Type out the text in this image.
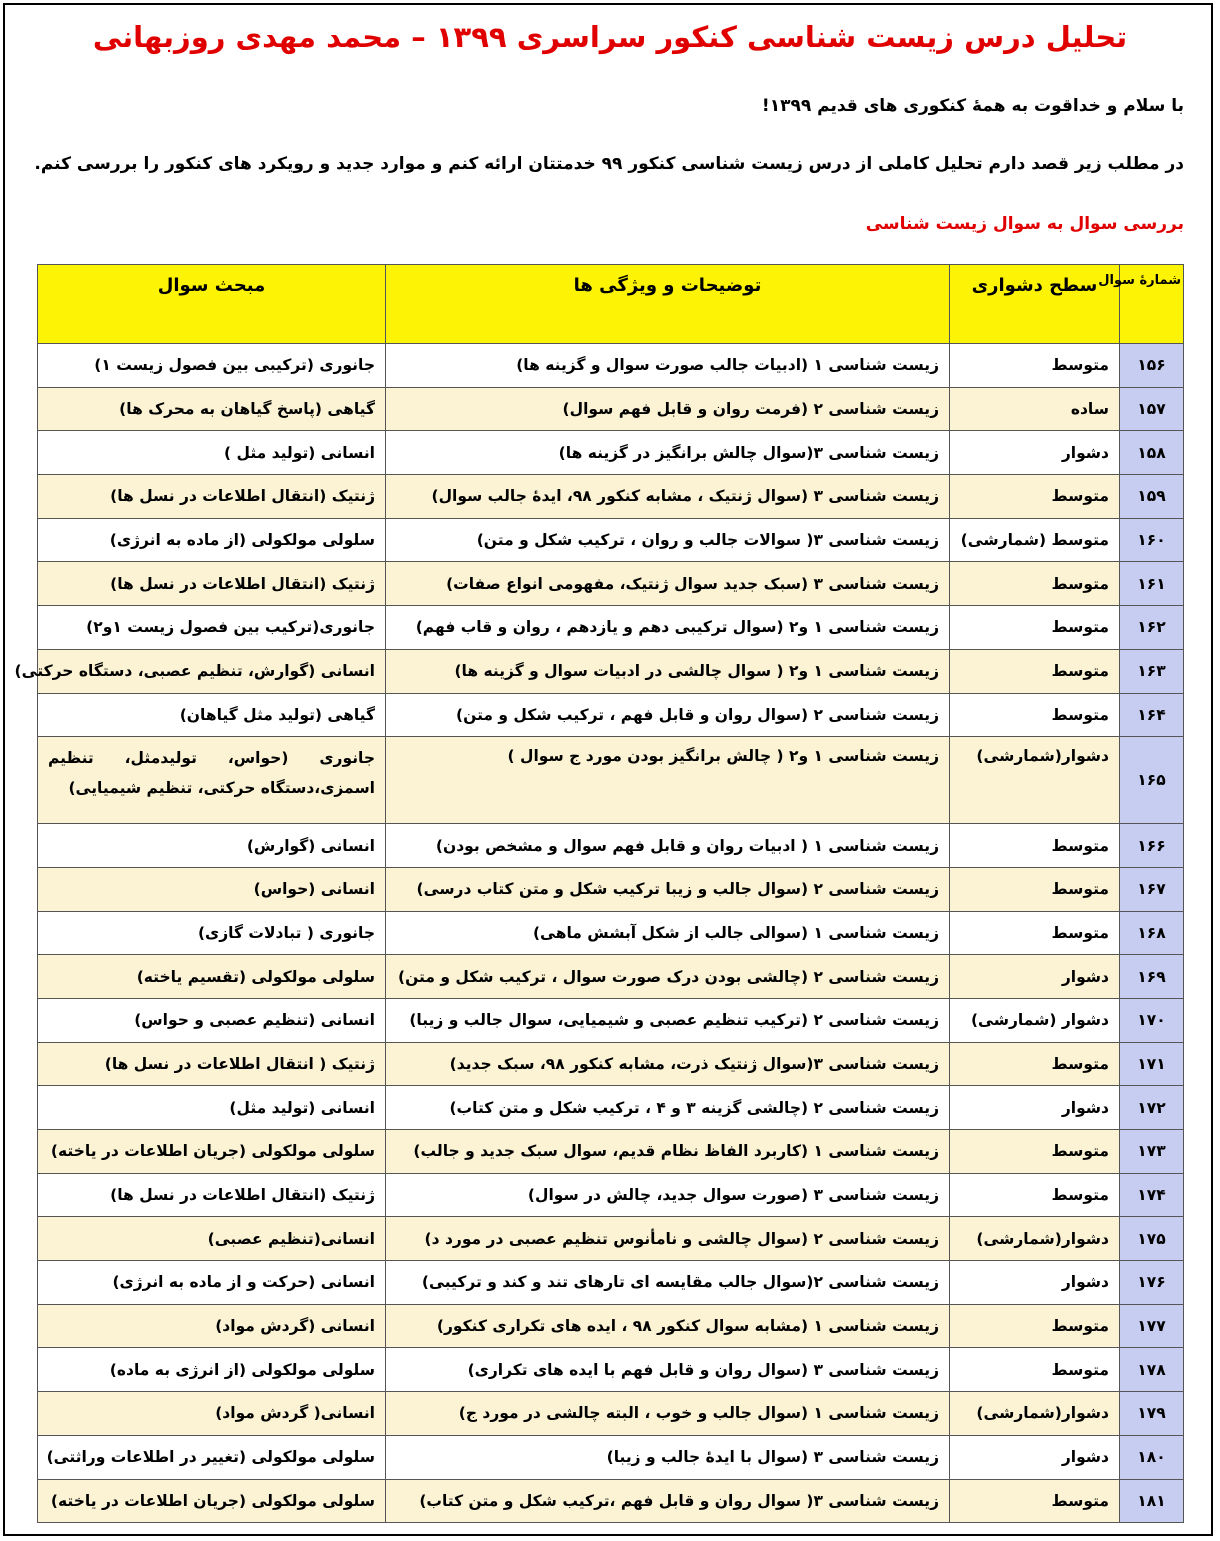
تحلیل درس زیست شناسی کنکور سراسری ۱۳۹۹ – محمد مهدی روزبهانی
با سلام و خداقوت به همهٔ کنکوری های قدیم ۱۳۹۹!
در مطلب زیر قصد دارم تحلیل کاملی از درس زیست شناسی کنکور ۹۹ خدمتتان ارائه کنم و موارد جدید و رویکرد های کنکور را بررسی کنم.
بررسی سوال به سوال زیست شناسی
شمارهٔ سوال	سطح دشواری	توضیحات و ویژگی ها	مبحث سوال
۱۵۶	متوسط	زیست شناسی ۱ (ادبیات جالب صورت سوال و گزینه ها)	جانوری (ترکیبی بین فصول زیست ۱)
۱۵۷	ساده	زیست شناسی ۲ (فرمت روان و قابل فهم سوال)	گیاهی (پاسخ گیاهان به محرک ها)
۱۵۸	دشوار	زیست شناسی ۳(سوال چالش برانگیز در گزینه ها)	انسانی (تولید مثل )
۱۵۹	متوسط	زیست شناسی ۳ (سوال ژنتیک ، مشابه کنکور ۹۸، ایدهٔ جالب سوال)	ژنتیک (انتقال اطلاعات در نسل ها)
۱۶۰	متوسط (شمارشی)	زیست شناسی ۳( سوالات جالب و روان ، ترکیب شکل و متن)	سلولی مولکولی (از ماده به انرژی)
۱۶۱	متوسط	زیست شناسی ۳ (سبک جدید سوال ژنتیک، مفهومی انواع صفات)	ژنتیک (انتقال اطلاعات در نسل ها)
۱۶۲	متوسط	زیست شناسی ۱ و۲ (سوال ترکیبی دهم و یازدهم ، روان و قاب فهم)	جانوری(ترکیب بین فصول زیست ۱و۲)
۱۶۳	متوسط	زیست شناسی ۱ و۲ ( سوال چالشی در ادبیات سوال و گزینه ها)	انسانی (گوارش، تنظیم عصبی، دستگاه حرکتی)
۱۶۴	متوسط	زیست شناسی ۲ (سوال روان و قابل فهم ، ترکیب شکل و متن)	گیاهی (تولید مثل گیاهان)
۱۶۵	دشوار(شمارشی)	زیست شناسی ۱ و۲ ( چالش برانگیز بودن مورد ج سوال )	جانوری (حواس، تولیدمثل، تنظیم اسمزی،دستگاه حرکتی، تنظیم شیمیایی)
۱۶۶	متوسط	زیست شناسی ۱ ( ادبیات روان و قابل فهم سوال و مشخص بودن)	انسانی (گوارش)
۱۶۷	متوسط	زیست شناسی ۲ (سوال جالب و زیبا ترکیب شکل و متن کتاب درسی)	انسانی (حواس)
۱۶۸	متوسط	زیست شناسی ۱ (سوالی جالب از شکل آبشش ماهی)	جانوری ( تبادلات گازی)
۱۶۹	دشوار	زیست شناسی ۲ (چالشی بودن درک صورت سوال ، ترکیب شکل و متن)	سلولی مولکولی (تقسیم یاخته)
۱۷۰	دشوار (شمارشی)	زیست شناسی ۲ (ترکیب تنظیم عصبی و شیمیایی، سوال جالب و زیبا)	انسانی (تنظیم عصبی و حواس)
۱۷۱	متوسط	زیست شناسی ۳(سوال ژنتیک ذرت، مشابه کنکور ۹۸، سبک جدید)	ژنتیک ( انتقال اطلاعات در نسل ها)
۱۷۲	دشوار	زیست شناسی ۲ (چالشی گزینه ۳ و ۴ ، ترکیب شکل و متن کتاب)	انسانی (تولید مثل)
۱۷۳	متوسط	زیست شناسی ۱ (کاربرد الفاظ نظام قدیم، سوال سبک جدید و جالب)	سلولی مولکولی (جریان اطلاعات در یاخته)
۱۷۴	متوسط	زیست شناسی ۳ (صورت سوال جدید، چالش در سوال)	ژنتیک (انتقال اطلاعات در نسل ها)
۱۷۵	دشوار(شمارشی)	زیست شناسی ۲ (سوال چالشی و نامأنوس تنظیم عصبی در مورد د)	انسانی(تنظیم عصبی)
۱۷۶	دشوار	زیست شناسی ۲(سوال جالب مقایسه ای تارهای تند و کند و ترکیبی)	انسانی (حرکت و از ماده به انرژی)
۱۷۷	متوسط	زیست شناسی ۱ (مشابه سوال کنکور ۹۸ ، ایده های تکراری کنکور)	انسانی (گردش مواد)
۱۷۸	متوسط	زیست شناسی ۳ (سوال روان و قابل فهم با ایده های تکراری)	سلولی مولکولی (از انرژی به ماده)
۱۷۹	دشوار(شمارشی)	زیست شناسی ۱ (سوال جالب و خوب ، البته چالشی در مورد ج)	انسانی( گردش مواد)
۱۸۰	دشوار	زیست شناسی ۳ (سوال با ایدهٔ جالب و زیبا)	سلولی مولکولی (تغییر در اطلاعات وراثتی)
۱۸۱	متوسط	زیست شناسی ۳( سوال روان و قابل فهم ،ترکیب شکل و متن کتاب)	سلولی مولکولی (جریان اطلاعات در یاخته)
